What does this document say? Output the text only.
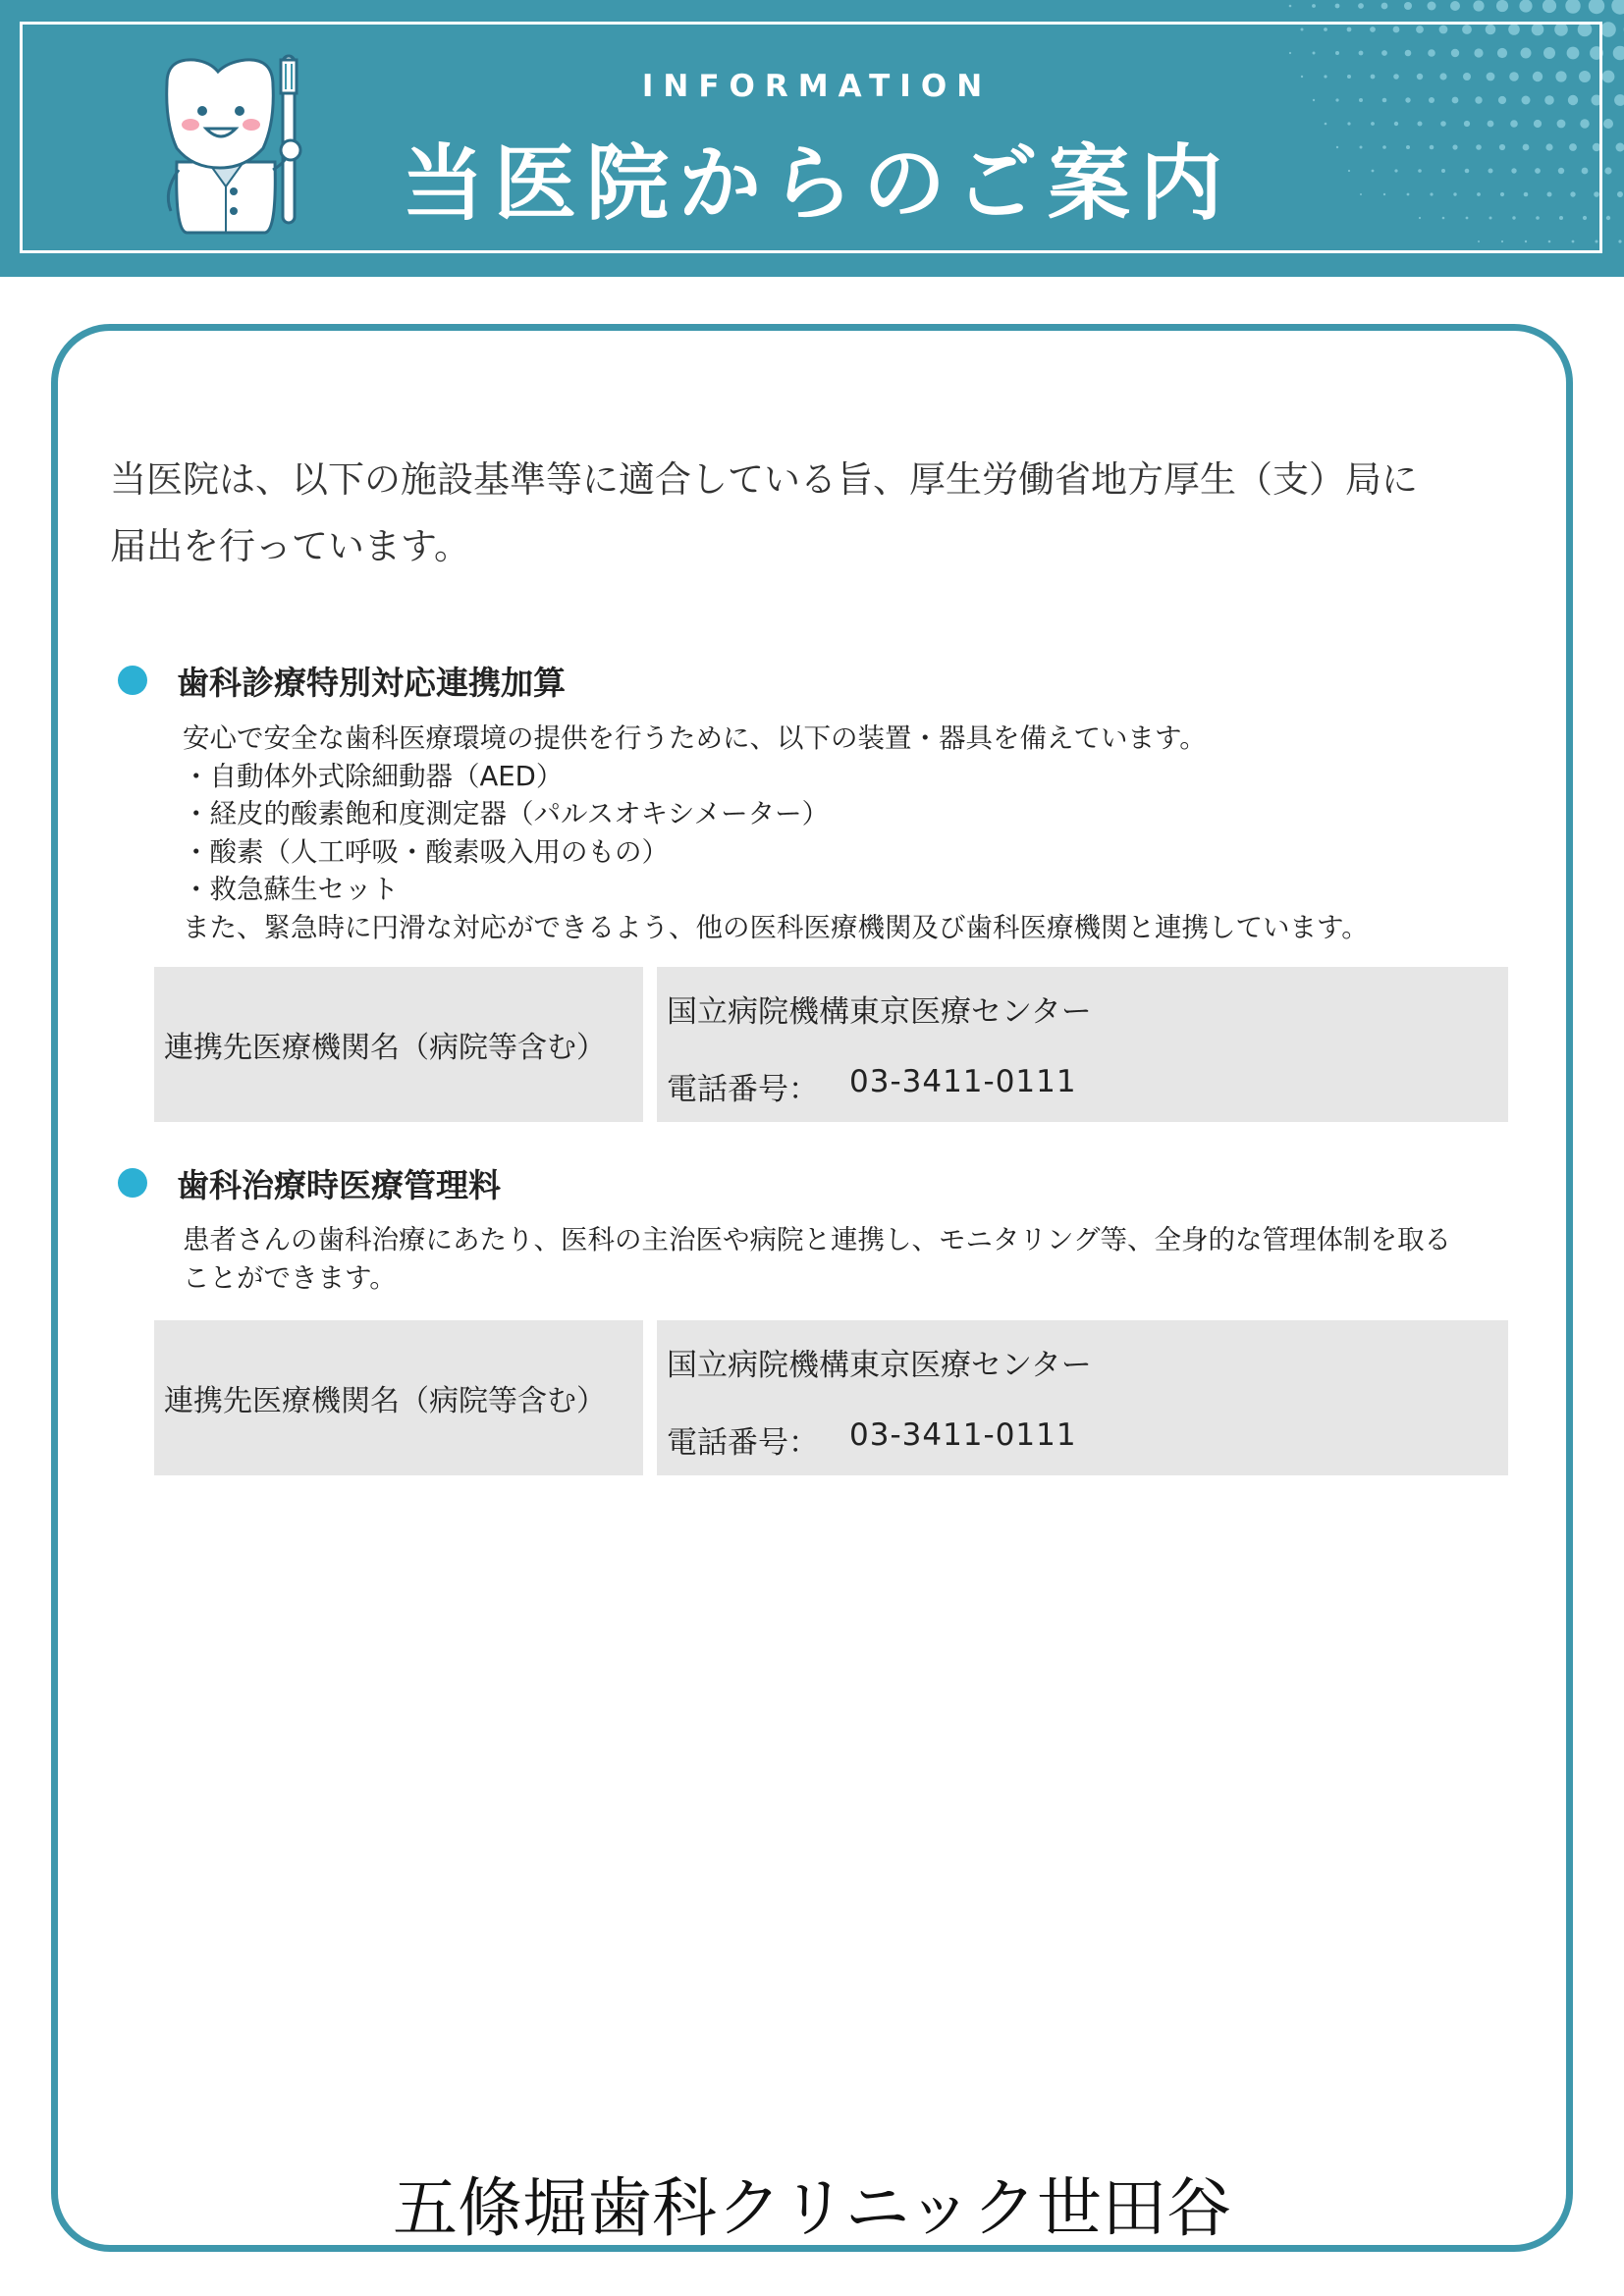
INFORMATION
当医院からのご案内
当医院は、以下の施設基準等に適合している旨、厚生労働省地方厚生（支）局に
届出を行っています。
歯科診療特別対応連携加算
安心で安全な歯科医療環境の提供を行うために、以下の装置・器具を備えています。
・自動体外式除細動器（AED）
・経皮的酸素飽和度測定器（パルスオキシメーター）
・酸素（人工呼吸・酸素吸入用のもの）
・救急蘇生セット
また、緊急時に円滑な対応ができるよう、他の医科医療機関及び歯科医療機関と連携しています。
連携先医療機関名（病院等含む）
国立病院機構東京医療センター
電話番号： 03-3411-0111
歯科治療時医療管理料
患者さんの歯科治療にあたり、医科の主治医や病院と連携し、モニタリング等、全身的な管理体制を取ることができます。
連携先医療機関名（病院等含む）
国立病院機構東京医療センター
電話番号： 03-3411-0111
五條堀歯科クリニック世田谷
